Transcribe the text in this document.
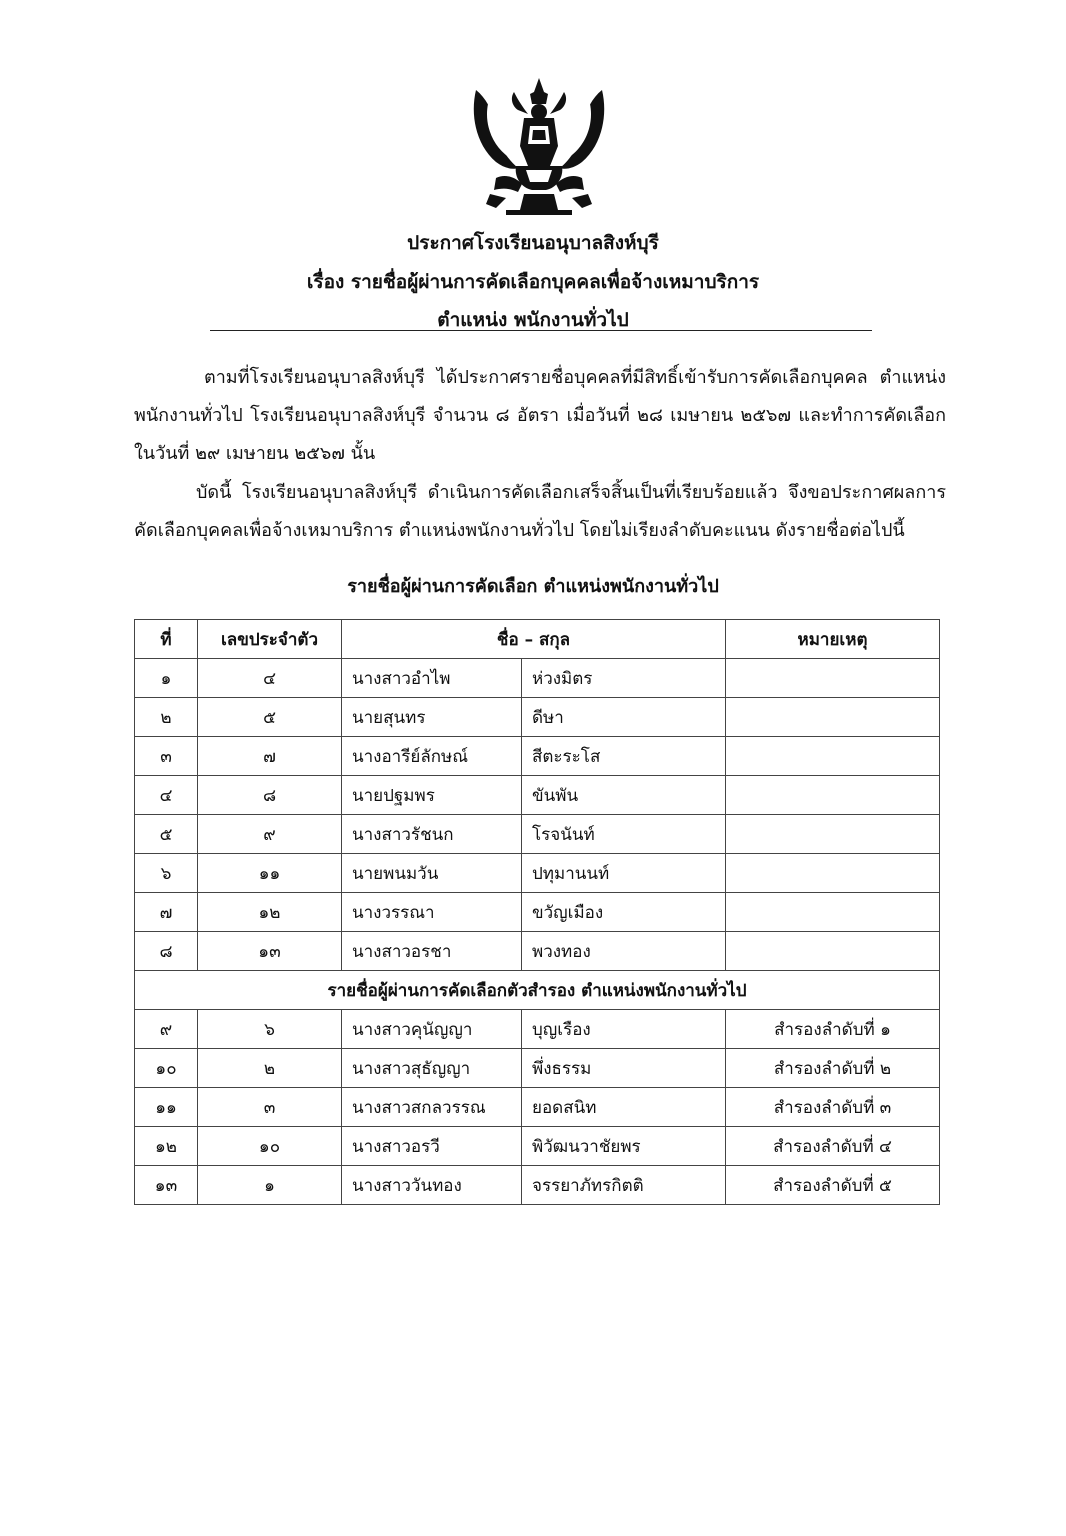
ประกาศโรงเรียนอนุบาลสิงห์บุรี
เรื่อง รายชื่อผู้ผ่านการคัดเลือกบุคคลเพื่อจ้างเหมาบริการ
ตำแหน่ง พนักงานทั่วไป

ตามที่โรงเรียนอนุบาลสิงห์บุรี ได้ประกาศรายชื่อบุคคลที่มีสิทธิ์เข้ารับการคัดเลือกบุคคล ตำแหน่งพนักงานทั่วไป โรงเรียนอนุบาลสิงห์บุรี จำนวน ๘ อัตรา เมื่อวันที่ ๒๘ เมษายน ๒๕๖๗ และทำการคัดเลือกในวันที่ ๒๙ เมษายน ๒๕๖๗ นั้น

บัดนี้ โรงเรียนอนุบาลสิงห์บุรี ดำเนินการคัดเลือกเสร็จสิ้นเป็นที่เรียบร้อยแล้ว จึงขอประกาศผลการคัดเลือกบุคคลเพื่อจ้างเหมาบริการ ตำแหน่งพนักงานทั่วไป โดยไม่เรียงลำดับคะแนน ดังรายชื่อต่อไปนี้

รายชื่อผู้ผ่านการคัดเลือก ตำแหน่งพนักงานทั่วไป
ที่	เลขประจำตัว	ชื่อ – สกุล		หมายเหตุ
๑	๔	นางสาวอำไพ	ห่วงมิตร	
๒	๕	นายสุนทร	ดีษา	
๓	๗	นางอารีย์ลักษณ์	สีตะระโส	
๔	๘	นายปฐมพร	ขันพัน	
๕	๙	นางสาวรัชนก	โรจนันท์	
๖	๑๑	นายพนมวัน	ปทุมานนท์	
๗	๑๒	นางวรรณา	ขวัญเมือง	
๘	๑๓	นางสาวอรชา	พวงทอง	
รายชื่อผู้ผ่านการคัดเลือกตัวสำรอง ตำแหน่งพนักงานทั่วไป				
๙	๖	นางสาวคุนัญญา	บุญเรือง	สำรองลำดับที่ ๑
๑๐	๒	นางสาวสุธัญญา	พึ่งธรรม	สำรองลำดับที่ ๒
๑๑	๓	นางสาวสกลวรรณ	ยอดสนิท	สำรองลำดับที่ ๓
๑๒	๑๐	นางสาวอรวี	พิวัฒนวาชัยพร	สำรองลำดับที่ ๔
๑๓	๑	นางสาววันทอง	จรรยาภัทรกิตติ	สำรองลำดับที่ ๕
